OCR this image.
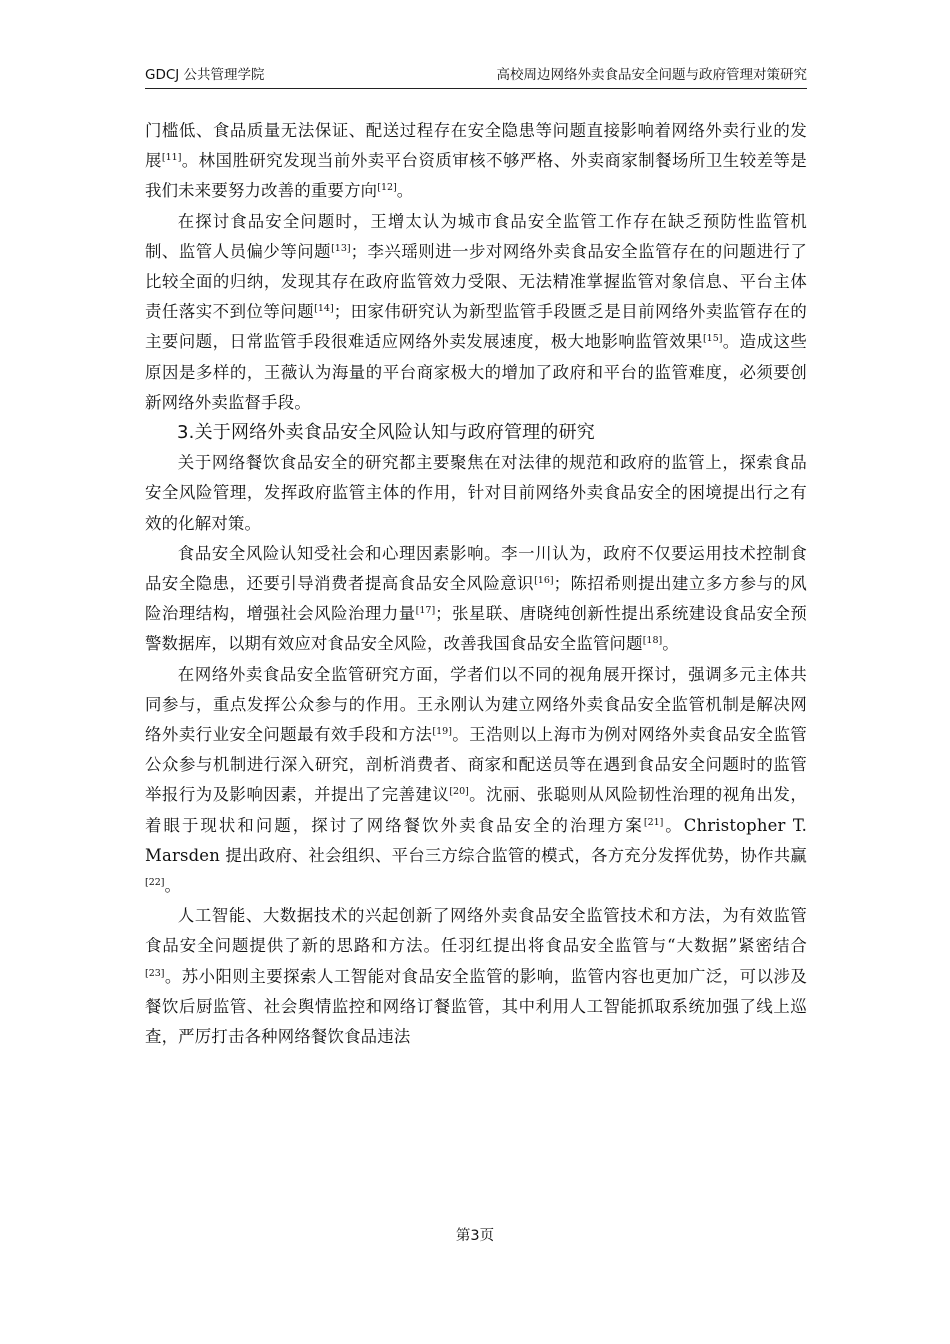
GDCJ 公共管理学院	高校周边网络外卖食品安全问题与政府管理对策研究

门槛低、食品质量无法保证、配送过程存在安全隐患等问题直接影响着网络外卖行业的发展[11]。林国胜研究发现当前外卖平台资质审核不够严格、外卖商家制餐场所卫生较差等是我们未来要努力改善的重要方向[12]。

在探讨食品安全问题时，王增太认为城市食品安全监管工作存在缺乏预防性监管机制、监管人员偏少等问题[13]；李兴瑶则进一步对网络外卖食品安全监管存在的问题进行了比较全面的归纳，发现其存在政府监管效力受限、无法精准掌握监管对象信息、平台主体责任落实不到位等问题[14]；田家伟研究认为新型监管手段匮乏是目前网络外卖监管存在的主要问题，日常监管手段很难适应网络外卖发展速度，极大地影响监管效果[15]。造成这些原因是多样的，王薇认为海量的平台商家极大的增加了政府和平台的监管难度，必须要创新网络外卖监督手段。

3.关于网络外卖食品安全风险认知与政府管理的研究

关于网络餐饮食品安全的研究都主要聚焦在对法律的规范和政府的监管上，探索食品安全风险管理，发挥政府监管主体的作用，针对目前网络外卖食品安全的困境提出行之有效的化解对策。

食品安全风险认知受社会和心理因素影响。李一川认为，政府不仅要运用技术控制食品安全隐患，还要引导消费者提高食品安全风险意识[16]；陈招希则提出建立多方参与的风险治理结构，增强社会风险治理力量[17]；张星联、唐晓纯创新性提出系统建设食品安全预警数据库，以期有效应对食品安全风险，改善我国食品安全监管问题[18]。

在网络外卖食品安全监管研究方面，学者们以不同的视角展开探讨，强调多元主体共同参与，重点发挥公众参与的作用。王永刚认为建立网络外卖食品安全监管机制是解决网络外卖行业安全问题最有效手段和方法[19]。王浩则以上海市为例对网络外卖食品安全监管公众参与机制进行深入研究，剖析消费者、商家和配送员等在遇到食品安全问题时的监管举报行为及影响因素，并提出了完善建议[20]。沈丽、张聪则从风险韧性治理的视角出发，着眼于现状和问题，探讨了网络餐饮外卖食品安全的治理方案[21]。Christopher T. Marsden 提出政府、社会组织、平台三方综合监管的模式，各方充分发挥优势，协作共赢[22]。

人工智能、大数据技术的兴起创新了网络外卖食品安全监管技术和方法，为有效监管食品安全问题提供了新的思路和方法。任羽红提出将食品安全监管与“大数据”紧密结合[23]。苏小阳则主要探索人工智能对食品安全监管的影响，监管内容也更加广泛，可以涉及餐饮后厨监管、社会舆情监控和网络订餐监管，其中利用人工智能抓取系统加强了线上巡查，严厉打击各种网络餐饮食品违法

第3页
